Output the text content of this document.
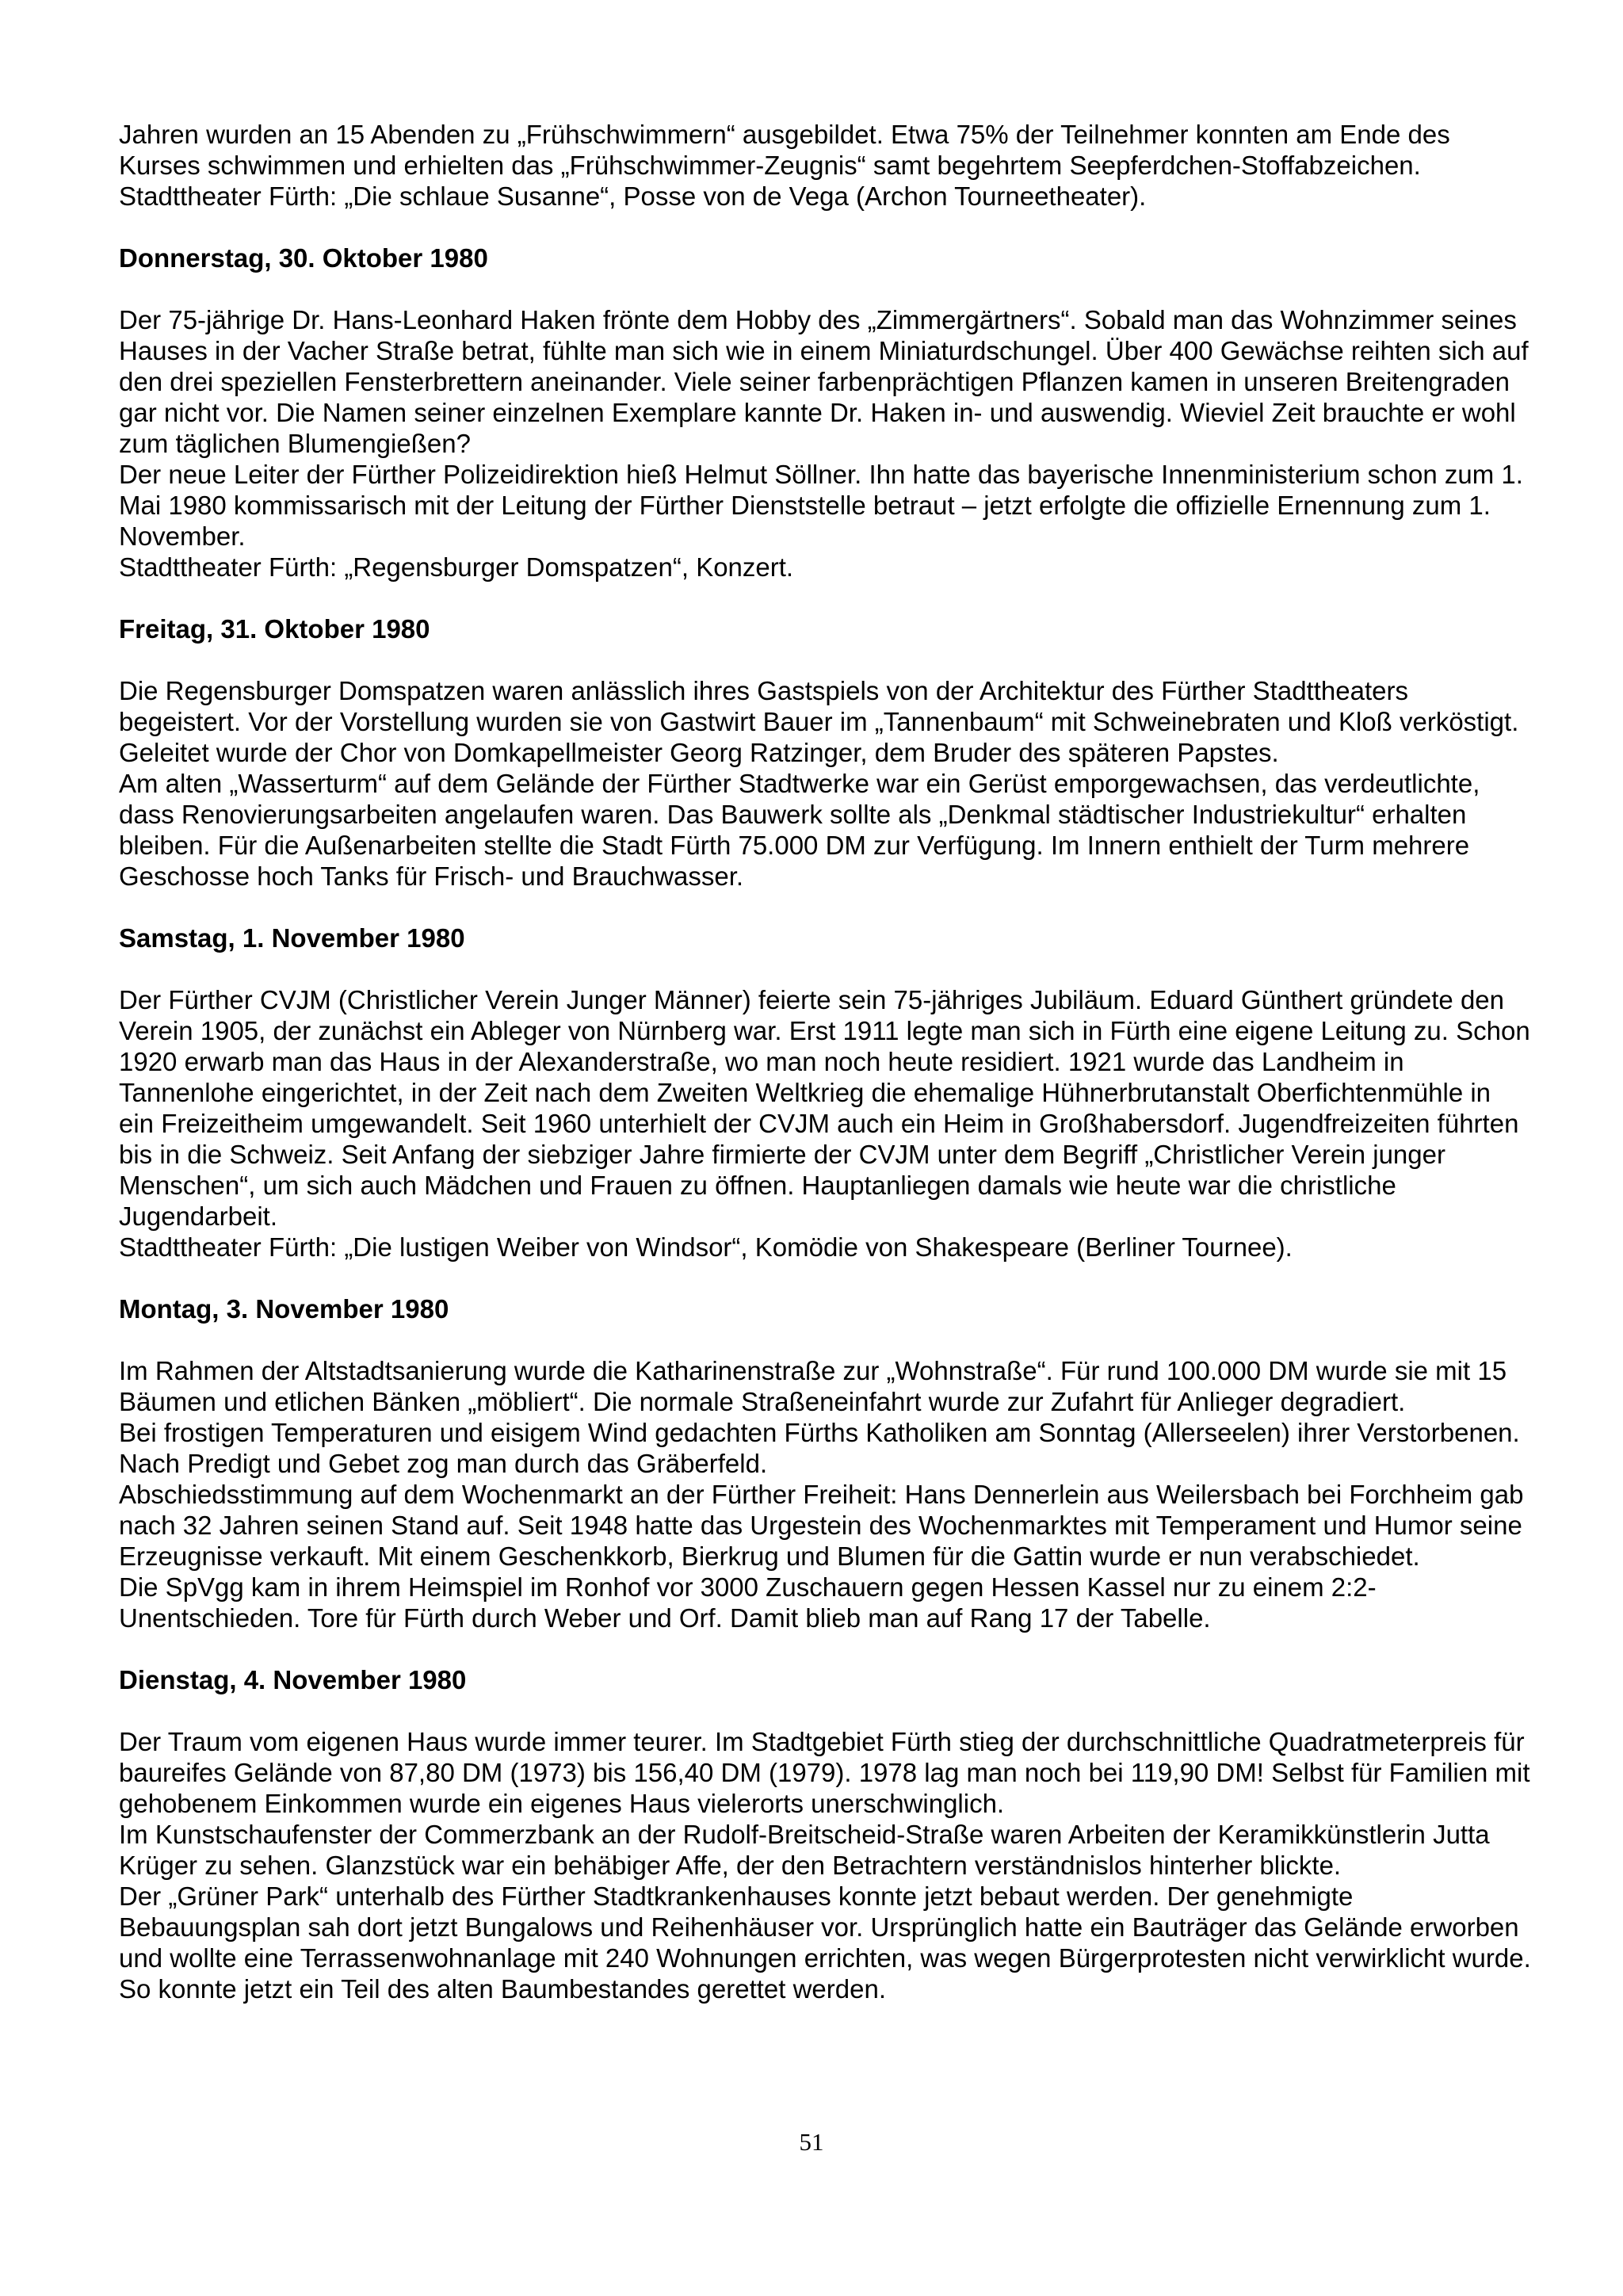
Jahren wurden an 15 Abenden zu „Frühschwimmern“ ausgebildet. Etwa 75% der Teilnehmer konnten am Ende des Kurses schwimmen und erhielten das „Frühschwimmer-Zeugnis“ samt begehrtem Seepferdchen-Stoffabzeichen.

Stadttheater Fürth: „Die schlaue Susanne“, Posse von de Vega (Archon Tourneetheater).

Donnerstag, 30. Oktober 1980

Der 75-jährige Dr. Hans-Leonhard Haken frönte dem Hobby des „Zimmergärtners“. Sobald man das Wohnzimmer seines Hauses in der Vacher Straße betrat, fühlte man sich wie in einem Miniaturdschungel. Über 400 Gewächse reihten sich auf den drei speziellen Fensterbrettern aneinander. Viele seiner farbenprächtigen Pflanzen kamen in unseren Breitengraden gar nicht vor. Die Namen seiner einzelnen Exemplare kannte Dr. Haken in- und auswendig. Wieviel Zeit brauchte er wohl zum täglichen Blumengießen?

Der neue Leiter der Fürther Polizeidirektion hieß Helmut Söllner. Ihn hatte das bayerische Innenministerium schon zum 1. Mai 1980 kommissarisch mit der Leitung der Fürther Dienststelle betraut – jetzt erfolgte die offizielle Ernennung zum 1. November.

Stadttheater Fürth: „Regensburger Domspatzen“, Konzert.

Freitag, 31. Oktober 1980

Die Regensburger Domspatzen waren anlässlich ihres Gastspiels von der Architektur des Fürther Stadttheaters begeistert. Vor der Vorstellung wurden sie von Gastwirt Bauer im „Tannenbaum“ mit Schweinebraten und Kloß verköstigt. Geleitet wurde der Chor von Domkapellmeister Georg Ratzinger, dem Bruder des späteren Papstes.

Am alten „Wasserturm“ auf dem Gelände der Fürther Stadtwerke war ein Gerüst emporgewachsen, das verdeutlichte, dass Renovierungsarbeiten angelaufen waren. Das Bauwerk sollte als „Denkmal städtischer Industriekultur“ erhalten bleiben. Für die Außenarbeiten stellte die Stadt Fürth 75.000 DM zur Verfügung. Im Innern enthielt der Turm mehrere Geschosse hoch Tanks für Frisch- und Brauchwasser.

Samstag, 1. November 1980

Der Fürther CVJM (Christlicher Verein Junger Männer) feierte sein 75-jähriges Jubiläum. Eduard Günthert gründete den Verein 1905, der zunächst ein Ableger von Nürnberg war. Erst 1911 legte man sich in Fürth eine eigene Leitung zu. Schon 1920 erwarb man das Haus in der Alexanderstraße, wo man noch heute residiert. 1921 wurde das Landheim in Tannenlohe eingerichtet, in der Zeit nach dem Zweiten Weltkrieg die ehemalige Hühnerbrutanstalt Oberfichtenmühle in ein Freizeitheim umgewandelt. Seit 1960 unterhielt der CVJM auch ein Heim in Großhabersdorf. Jugendfreizeiten führten bis in die Schweiz. Seit Anfang der siebziger Jahre firmierte der CVJM unter dem Begriff „Christlicher Verein junger Menschen“, um sich auch Mädchen und Frauen zu öffnen. Hauptanliegen damals wie heute war die christliche Jugendarbeit.

Stadttheater Fürth: „Die lustigen Weiber von Windsor“, Komödie von Shakespeare (Berliner Tournee).

Montag, 3. November 1980

Im Rahmen der Altstadtsanierung wurde die Katharinenstraße zur „Wohnstraße“. Für rund 100.000 DM wurde sie mit 15 Bäumen und etlichen Bänken „möbliert“. Die normale Straßeneinfahrt wurde zur Zufahrt für Anlieger degradiert.

Bei frostigen Temperaturen und eisigem Wind gedachten Fürths Katholiken am Sonntag (Allerseelen) ihrer Verstorbenen. Nach Predigt und Gebet zog man durch das Gräberfeld.

Abschiedsstimmung auf dem Wochenmarkt an der Fürther Freiheit: Hans Dennerlein aus Weilersbach bei Forchheim gab nach 32 Jahren seinen Stand auf. Seit 1948 hatte das Urgestein des Wochenmarktes mit Temperament und Humor seine Erzeugnisse verkauft. Mit einem Geschenkkorb, Bierkrug und Blumen für die Gattin wurde er nun verabschiedet.

Die SpVgg kam in ihrem Heimspiel im Ronhof vor 3000 Zuschauern gegen Hessen Kassel nur zu einem 2:2-Unentschieden. Tore für Fürth durch Weber und Orf. Damit blieb man auf Rang 17 der Tabelle.

Dienstag, 4. November 1980

Der Traum vom eigenen Haus wurde immer teurer. Im Stadtgebiet Fürth stieg der durchschnittliche Quadratmeterpreis für baureifes Gelände von 87,80 DM (1973) bis 156,40 DM (1979). 1978 lag man noch bei 119,90 DM! Selbst für Familien mit gehobenem Einkommen wurde ein eigenes Haus vielerorts unerschwinglich.

Im Kunstschaufenster der Commerzbank an der Rudolf-Breitscheid-Straße waren Arbeiten der Keramikkünstlerin Jutta Krüger zu sehen. Glanzstück war ein behäbiger Affe, der den Betrachtern verständnislos hinterher blickte.

Der „Grüner Park“ unterhalb des Fürther Stadtkrankenhauses konnte jetzt bebaut werden. Der genehmigte Bebauungsplan sah dort jetzt Bungalows und Reihenhäuser vor. Ursprünglich hatte ein Bauträger das Gelände erworben und wollte eine Terrassenwohnanlage mit 240 Wohnungen errichten, was wegen Bürgerprotesten nicht verwirklicht wurde. So konnte jetzt ein Teil des alten Baumbestandes gerettet werden.

51
